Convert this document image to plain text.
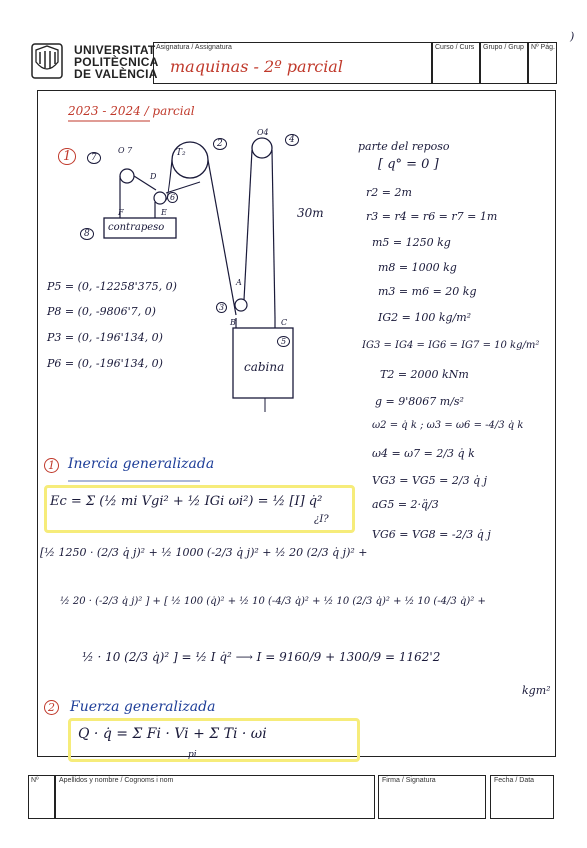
UNIVERSITAT
POLITÈCNICA
DE VALÈNCIA
Asignatura / Assignatura
maquinas - 2º parcial
Curso / Curs Grupo / Grup Nº Pág.
)
2023 - 2024 / parcial
1	7
O 7	T₂
2
O4
4
D
6
F	E
contrapeso
8
30m
A
3
B	C
5
cabina
P5 = (0, -12258'375, 0)
P8 = (0, -9806'7, 0)
P3 = (0, -196'134, 0)
P6 = (0, -196'134, 0)
parte del reposo
[ q° = 0 ]
r2 = 2m
r3 = r4 = r6 = r7 = 1m
m5 = 1250 kg
m8 = 1000 kg
m3 = m6 = 20 kg
IG2 = 100 kg/m²
IG3 = IG4 = IG6 = IG7 = 10 kg/m²
T2 = 2000 kNm
g = 9'8067 m/s²
ω2 = q̇ k ; ω3 = ω6 = -4/3 q̇ k
ω4 = ω7 = 2/3 q̇ k
VG3 = VG5 = 2/3 q̇ j
aG5 = 2·q̈/3
VG6 = VG8 = -2/3 q̇ j
1 Inercia generalizada
Ec = Σ (½ mi Vgi² + ½ IGi ωi²) = ½ [I] q̇²
¿I?
[½ 1250 · (2/3 q̇ j)² + ½ 1000 (-2/3 q̇ j)² + ½ 20 (2/3 q̇ j)² +
½ 20 · (-2/3 q̇ j)² ] + [ ½ 100 (q̇)² + ½ 10 (-4/3 q̇)² + ½ 10 (2/3 q̇)² + ½ 10 (-4/3 q̇)² +
½ · 10 (2/3 q̇)² ] = ½ I q̇² ⟶ I = 9160/9 + 1300/9 = 1162'2
kgm²
2 Fuerza generalizada
Q · q̇ = Σ Fi · Vi + Σ Ti · ωi
pi
Nº	Apellidos y nombre / Cognoms i nom	Firma / Signatura	Fecha / Data
